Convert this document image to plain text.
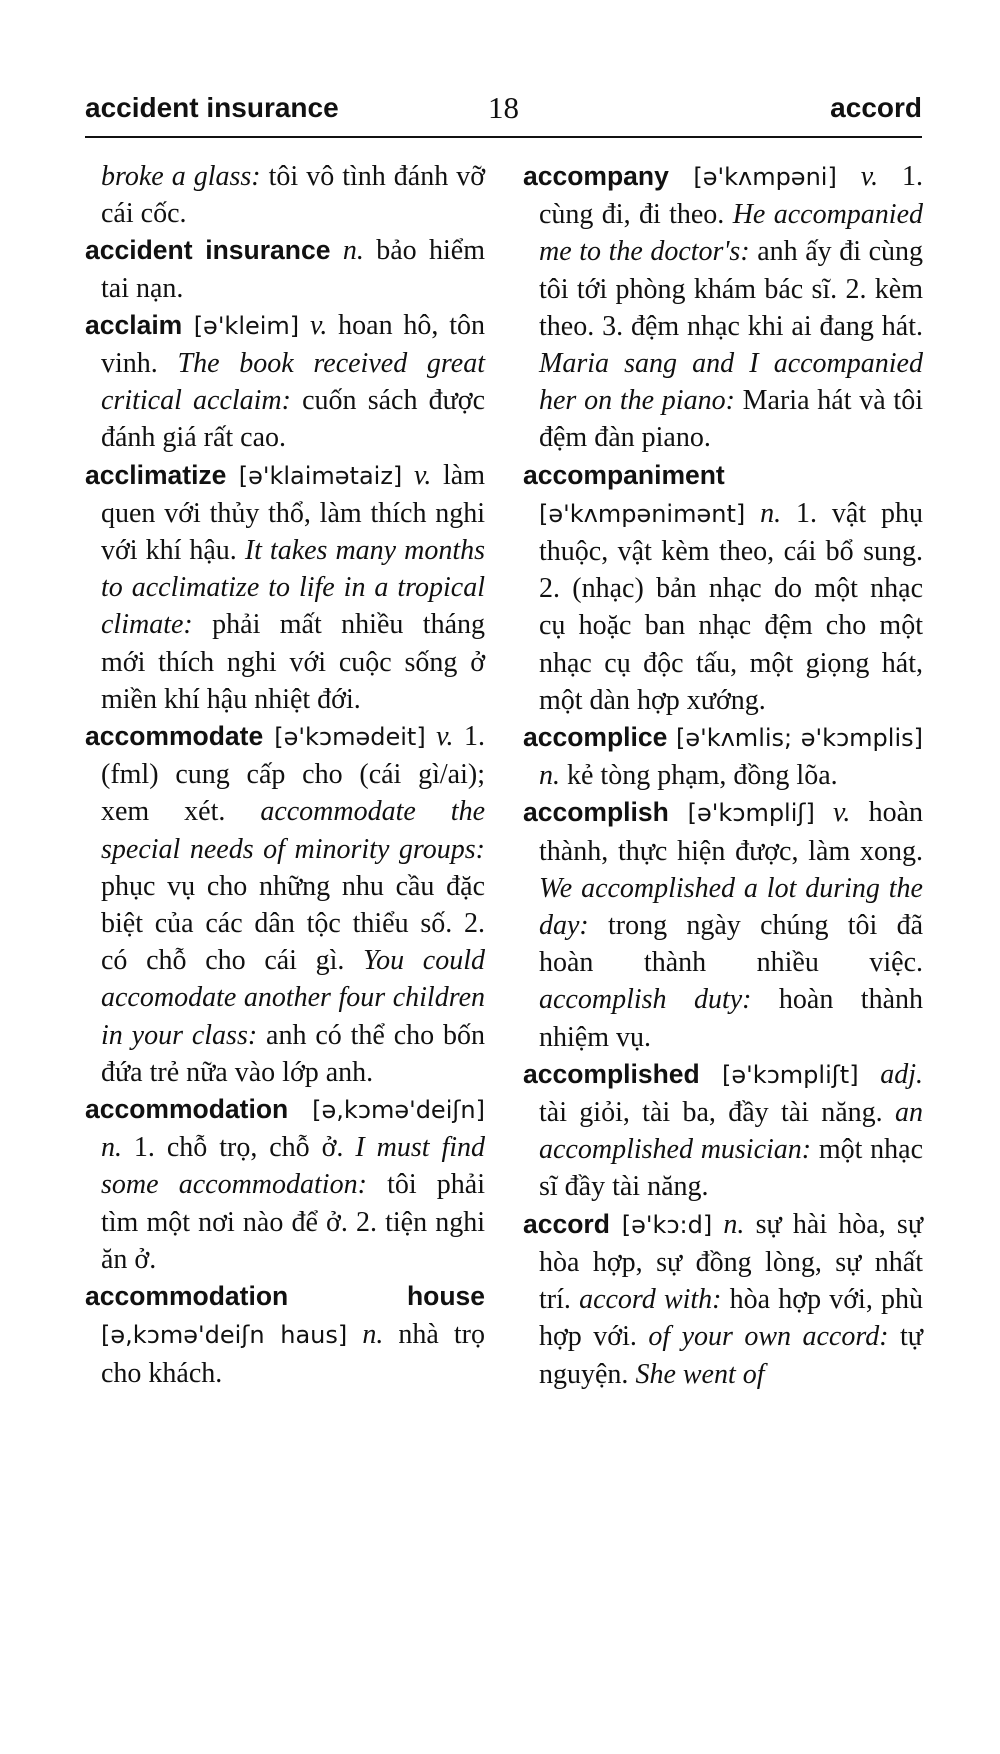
accident insurance	18	accord

broke a glass: tôi vô tình đánh vỡ cái cốc.

accident insurance n. bảo hiểm tai nạn.

acclaim [ə'kleim] v. hoan hô, tôn vinh. The book received great critical acclaim: cuốn sách được đánh giá rất cao.

acclimatize [ə'klaimətaiz] v. làm quen với thủy thổ, làm thích nghi với khí hậu. It takes many months to acclimatize to life in a tropical climate: phải mất nhiều tháng mới thích nghi với cuộc sống ở miền khí hậu nhiệt đới.

accommodate [ə'kɔmədeit] v. 1. (fml) cung cấp cho (cái gì/ai); xem xét. accommodate the special needs of minority groups: phục vụ cho những nhu cầu đặc biệt của các dân tộc thiểu số. 2. có chỗ cho cái gì. You could accomodate another four children in your class: anh có thể cho bốn đứa trẻ nữa vào lớp anh.

accommodation [ə,kɔmə'deiʃn] n. 1. chỗ trọ, chỗ ở. I must find some accommodation: tôi phải tìm một nơi nào để ở. 2. tiện nghi ăn ở.

accommodation house [ə,kɔmə'deiʃn haus] n. nhà trọ cho khách.

accompany [ə'kʌmpəni] v. 1. cùng đi, đi theo. He accompanied me to the doctor's: anh ấy đi cùng tôi tới phòng khám bác sĩ. 2. kèm theo. 3. đệm nhạc khi ai đang hát. Maria sang and I accompanied her on the piano: Maria hát và tôi đệm đàn piano.

accompaniment [ə'kʌmpənimənt] n. 1. vật phụ thuộc, vật kèm theo, cái bổ sung. 2. (nhạc) bản nhạc do một nhạc cụ hoặc ban nhạc đệm cho một nhạc cụ độc tấu, một giọng hát, một dàn hợp xướng.

accomplice [ə'kʌmlis; ə'kɔmplis] n. kẻ tòng phạm, đồng lõa.

accomplish [ə'kɔmpliʃ] v. hoàn thành, thực hiện được, làm xong. We accomplished a lot during the day: trong ngày chúng tôi đã hoàn thành nhiều việc. accomplish duty: hoàn thành nhiệm vụ.

accomplished [ə'kɔmpliʃt] adj. tài giỏi, tài ba, đầy tài năng. an accomplished musician: một nhạc sĩ đầy tài năng.

accord [ə'kɔ:d] n. sự hài hòa, sự hòa hợp, sự đồng lòng, sự nhất trí. accord with: hòa hợp với, phù hợp với. of your own accord: tự nguyện. She went of
